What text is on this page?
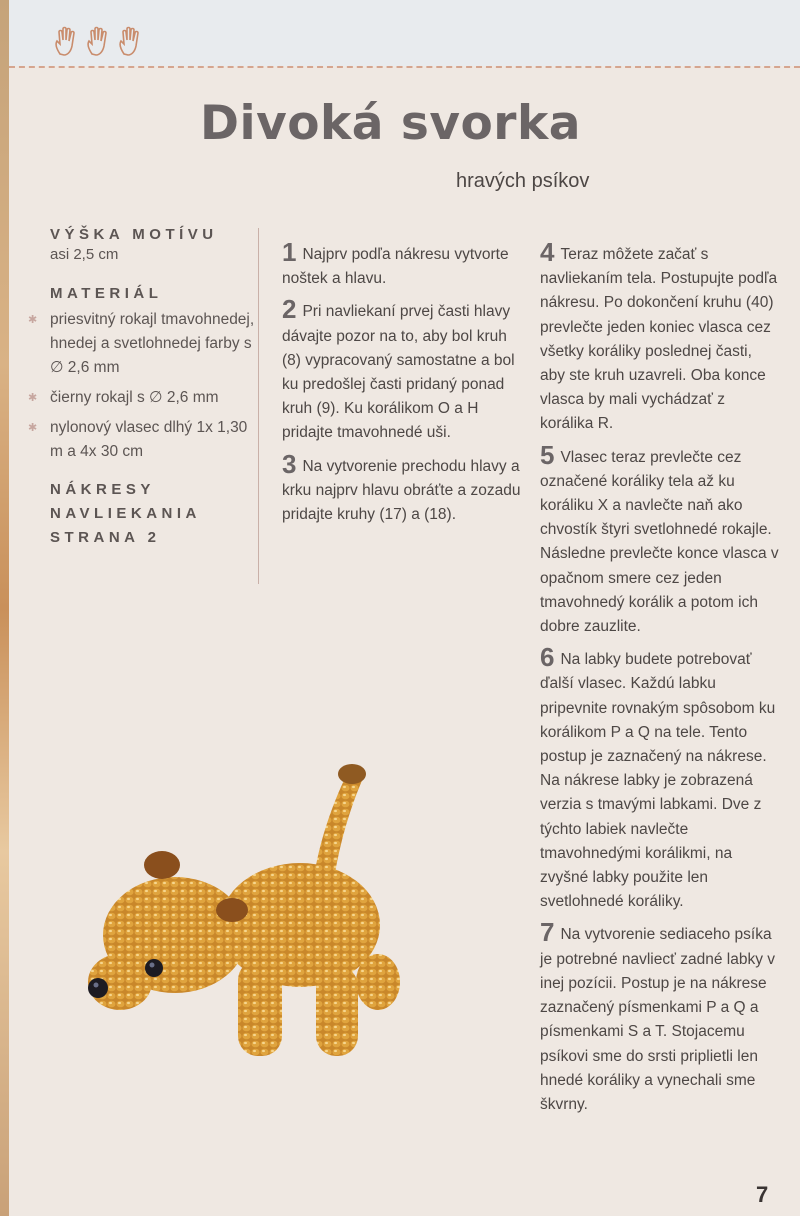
Divoká svorka
hravých psíkov
VÝŠKA MOTÍVU
asi 2,5 cm
MATERIÁL
✱ priesvitný rokajl tmavohnedej, hnedej a svetlohnedej farby s ∅ 2,6 mm
✱ čierny rokajl s ∅ 2,6 mm
✱ nylonový vlasec dlhý 1x 1,30 m a 4x 30 cm
NÁKRESY NAVLIEKANIA STRANA 2

1 Najprv podľa nákresu vytvorte noštek a hlavu.

2 Pri navliekaní prvej časti hlavy dávajte pozor na to, aby bol kruh (8) vypracovaný samostatne a bol ku predošlej časti pridaný ponad kruh (9). Ku korálikom O a H pridajte tmavohnedé uši.

3 Na vytvorenie prechodu hlavy a krku najprv hlavu obráťte a zozadu pridajte kruhy (17) a (18).

4 Teraz môžete začať s navliekaním tela. Postupujte podľa nákresu. Po dokončení kruhu (40) prevlečte jeden koniec vlasca cez všetky koráliky poslednej časti, aby ste kruh uzavreli. Oba konce vlasca by mali vychádzať z korálika R.

5 Vlasec teraz prevlečte cez označené koráliky tela až ku koráliku X a navlečte naň ako chvostík štyri svetlohnedé rokajle. Následne prevlečte konce vlasca v opačnom smere cez jeden tmavohnedý korálik a potom ich dobre zauzlite.

6 Na labky budete potrebovať ďalší vlasec. Každú labku pripevnite rovnakým spôsobom ku korálikom P a Q na tele. Tento postup je zaznačený na nákrese. Na nákrese labky je zobrazená verzia s tmavými labkami. Dve z týchto labiek navlečte tmavohnedými korálikmi, na zvyšné labky použite len svetlohnedé koráliky.

7 Na vytvorenie sediaceho psíka je potrebné navliecť zadné labky v inej pozícii. Postup je na nákrese zaznačený písmenkami P a Q a písmenkami S a T. Stojacemu psíkovi sme do srsti priplietli len hnedé koráliky a vynechali sme škvrny.

7
